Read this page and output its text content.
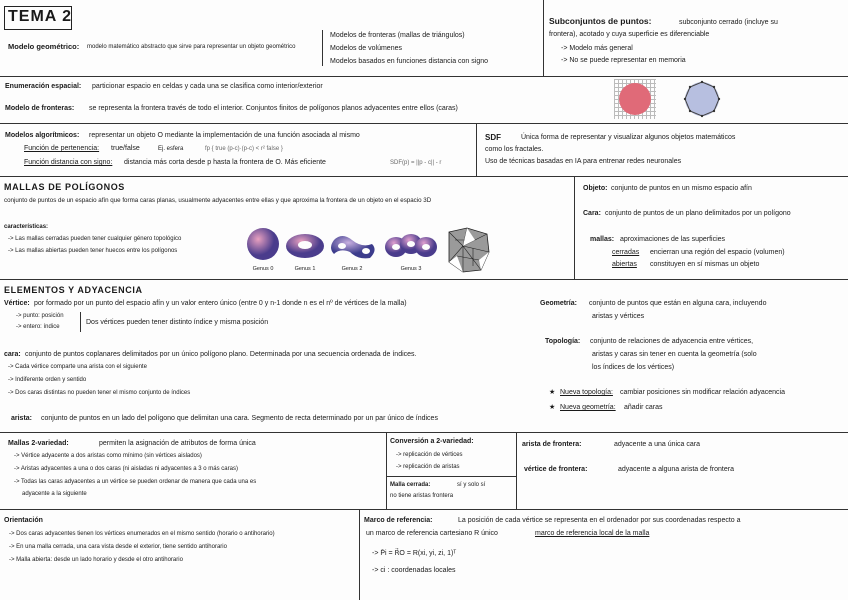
TEMA 2
Modelo geométrico: modelo matemático abstracto que sirve para representar un objeto geométrico
Modelos de fronteras (mallas de triángulos)
Modelos de volúmenes
Modelos basados en funciones distancia con signo
Subconjuntos de puntos:	subconjunto cerrado (incluye su
frontera), acotado y cuya superficie es diferenciable
-> Modelo más general
-> No se puede representar en memoria
Enumeración espacial: particionar espacio en celdas y cada una se clasifica como interior/exterior
Modelo de fronteras: se representa la frontera través de todo el interior. Conjuntos finitos de polígonos planos adyacentes entre ellos (caras)
Modelos algorítmicos: representar un objeto O mediante la implementación de una función asociada al mismo
Función de pertenencia: true/false	Ej. esfera	fp { true (p-c)·(p-c) < r² false }
Función distancia con signo: distancia más corta desde p hasta la frontera de O. Más eficiente	SDF(p) = ||p - c|| - r
SDF	Única forma de representar y visualizar algunos objetos matemáticos
como los fractales.
Uso de técnicas basadas en IA para entrenar redes neuronales
MALLAS DE POLÍGONOS
conjunto de puntos de un espacio afín que forma caras planas, usualmente adyacentes entre ellas y que aproxima la frontera de un objeto en el espacio 3D
características:
-> Las mallas cerradas pueden tener cualquier género topológico
-> Las mallas abiertas pueden tener huecos entre los polígonos
Genus 0	Genus 1	Genus 2	Genus 3
Objeto: conjunto de puntos en un mismo espacio afín
Cara: conjunto de puntos de un plano delimitados por un polígono
mallas: aproximaciones de las superficies
cerradas encierran una región del espacio (volumen)
abiertas constituyen en sí mismas un objeto
ELEMENTOS Y ADYACENCIA
Vértice: por formado por un punto del espacio afín y un valor entero único (entre 0 y n-1 donde n es el nº de vértices de la malla)
-> punto: posición
-> entero: índice
Dos vértices pueden tener distinto índice y misma posición
cara: conjunto de puntos coplanares delimitados por un único polígono plano. Determinada por una secuencia ordenada de índices.
-> Cada vértice comparte una arista con el siguiente
-> Indiferente orden y sentido
-> Dos caras distintas no pueden tener el mismo conjunto de índices
arista: conjunto de puntos en un lado del polígono que delimitan una cara. Segmento de recta determinado por un par único de índices
Geometría: conjunto de puntos que están en alguna cara, incluyendo
aristas y vértices
Topología: conjunto de relaciones de adyacencia entre vértices,
aristas y caras sin tener en cuenta la geometría (solo
los índices de los vértices)
★ Nueva topología: cambiar posiciones sin modificar relación adyacencia
★ Nueva geometría: añadir caras
Mallas 2-variedad:	permiten la asignación de atributos de forma única
-> Vértice adyacente a dos aristas como mínimo (sin vértices aislados)
-> Aristas adyacentes a una o dos caras (ni aisladas ni adyacentes a 3 o más caras)
-> Todas las caras adyacentes a un vértice se pueden ordenar de manera que cada una es
adyacente a la siguiente
Conversión a 2-variedad:
-> replicación de vértices
-> replicación de aristas
Malla cerrada:	sí y solo sí
no tiene aristas frontera
arista de frontera:	adyacente a una única cara
vértice de frontera:	adyacente a alguna arista de frontera
Orientación
-> Dos caras adyacentes tienen los vértices enumerados en el mismo sentido (horario o antihorario)
-> En una malla cerrada, una cara vista desde el exterior, tiene sentido antihorario
-> Malla abierta: desde un lado horario y desde el otro antihorario
Marco de referencia:	La posición de cada vértice se representa en el ordenador por sus coordenadas respecto a
un marco de referencia cartesiano R único	marco de referencia local de la malla
-> P̄i = R⃗O = R(xi, yi, zi, 1)ᵀ
-> ci : coordenadas locales
